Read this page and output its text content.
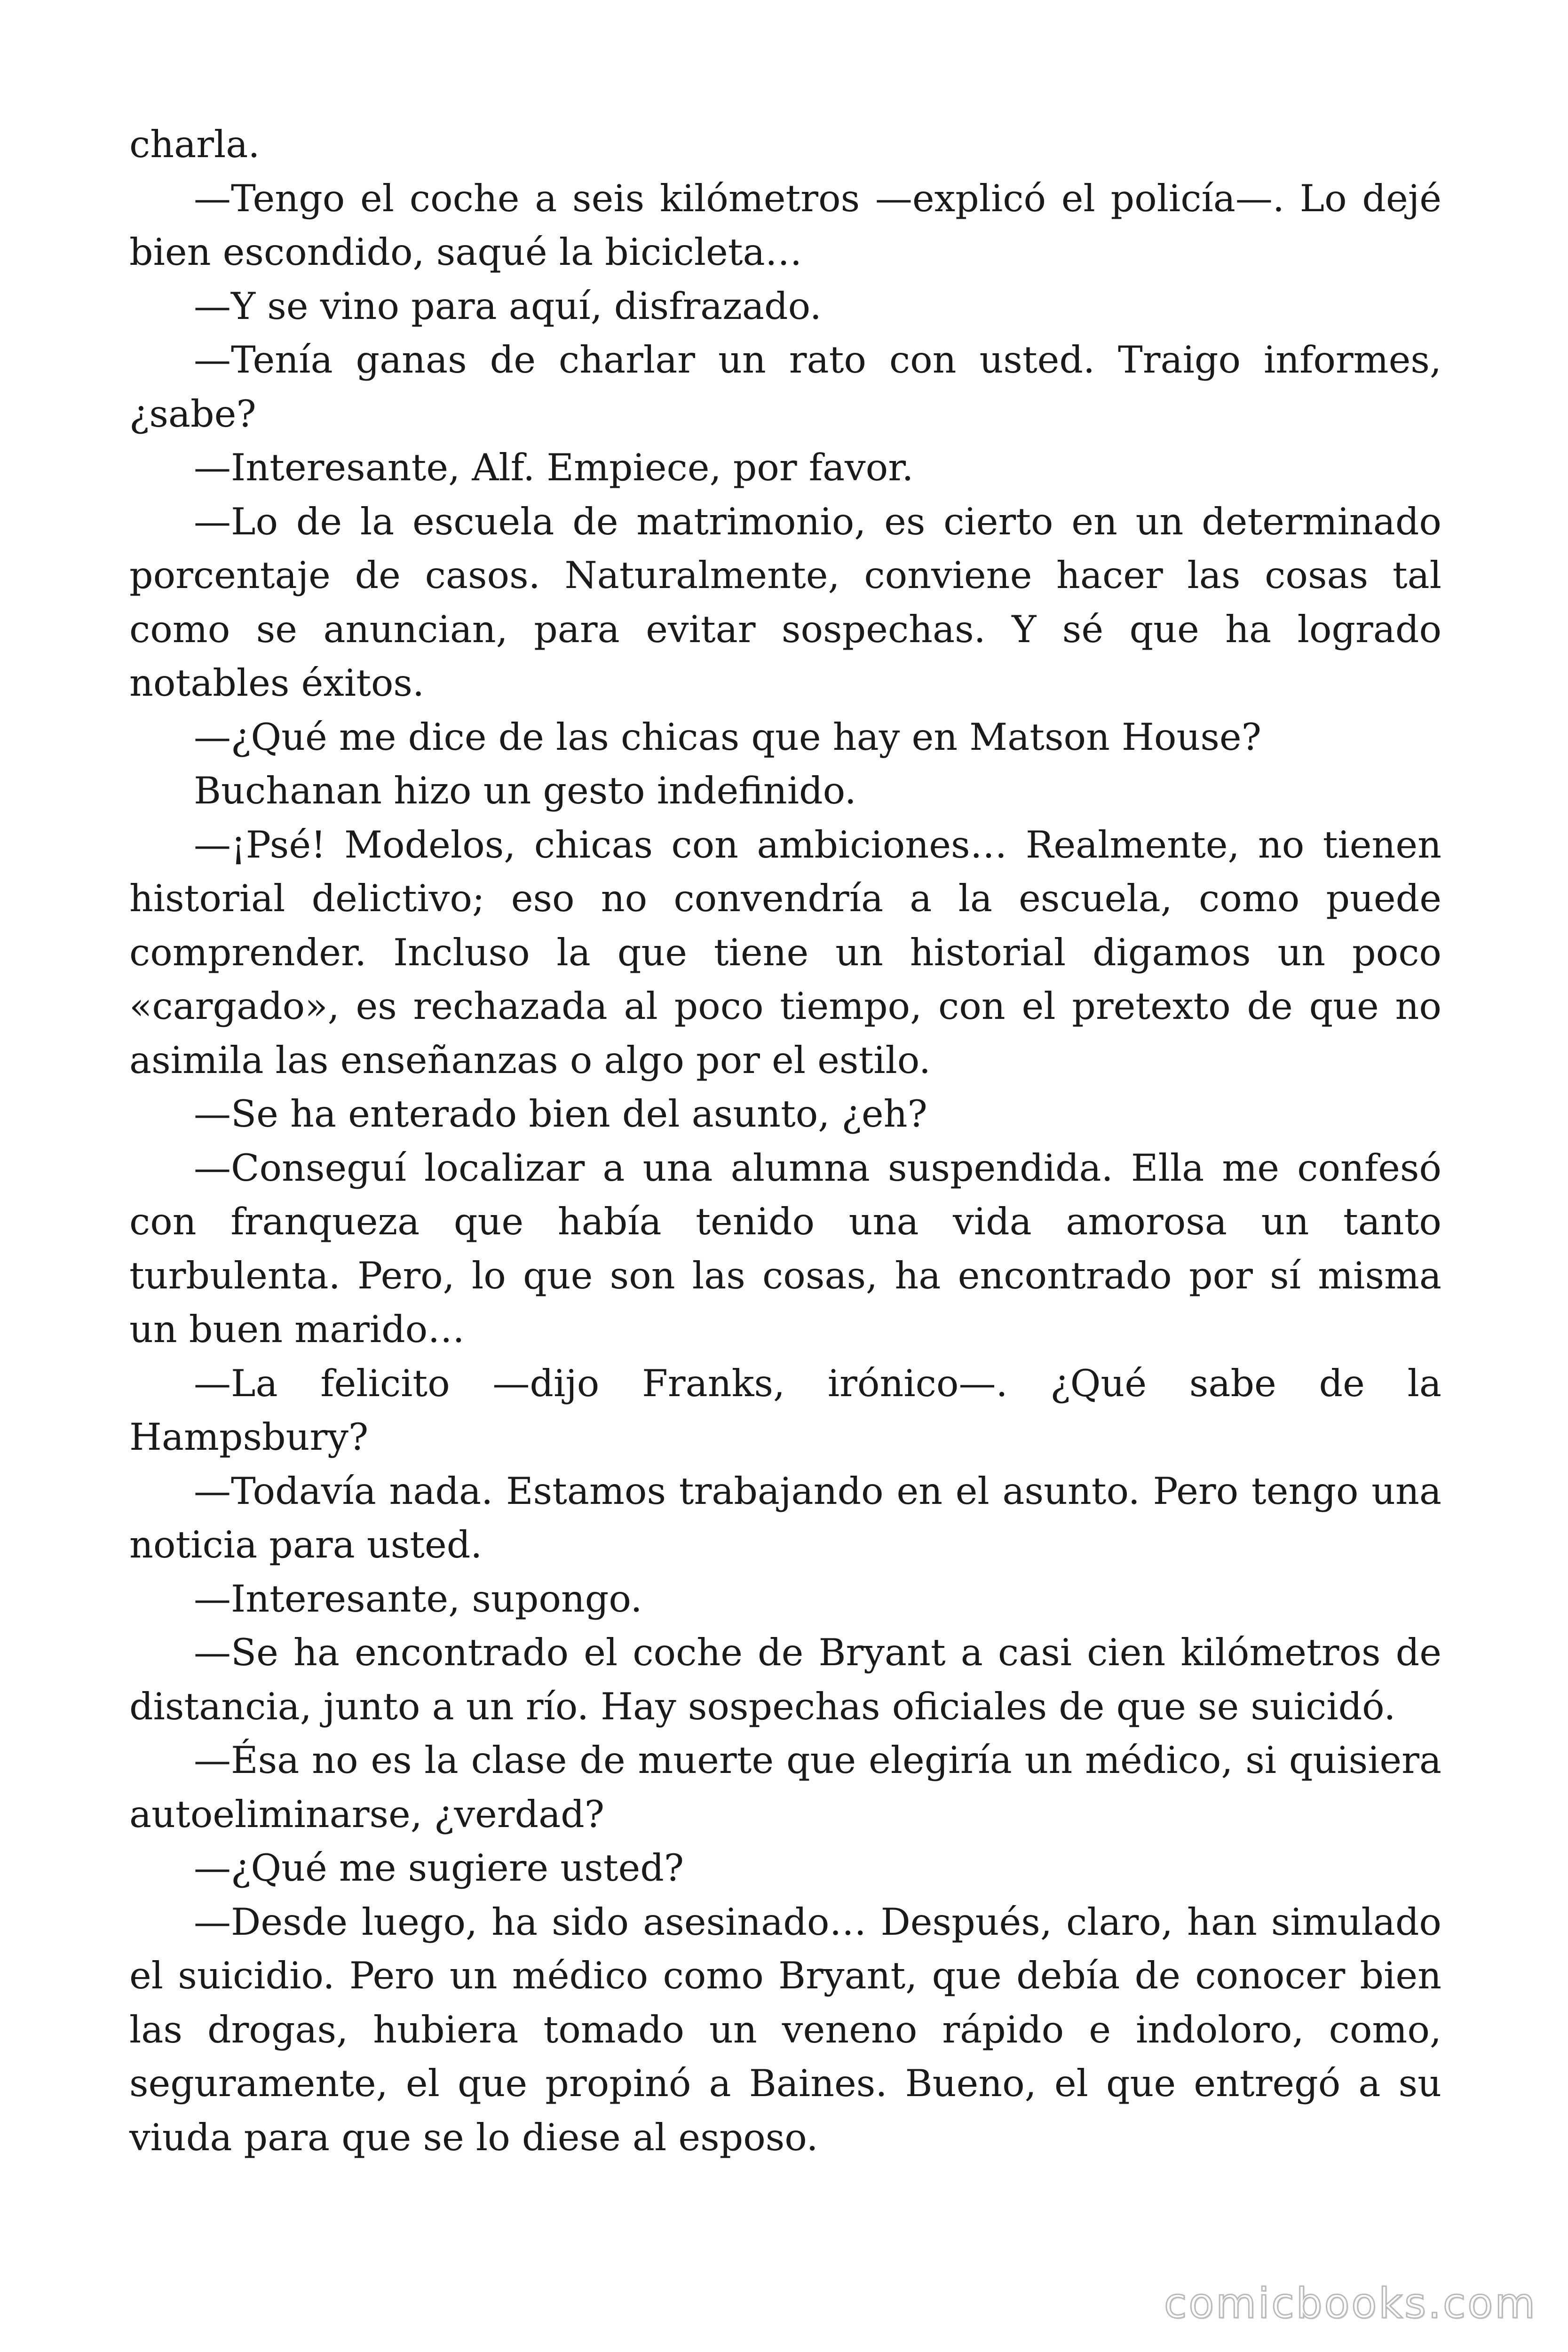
charla.

—Tengo el coche a seis kilómetros —explicó el policía—. Lo dejé bien escondido, saqué la bicicleta…

—Y se vino para aquí, disfrazado.

—Tenía ganas de charlar un rato con usted. Traigo informes, ¿sabe?

—Interesante, Alf. Empiece, por favor.

—Lo de la escuela de matrimonio, es cierto en un determinado porcentaje de casos. Naturalmente, conviene hacer las cosas tal como se anuncian, para evitar sospechas. Y sé que ha logrado notables éxitos.

—¿Qué me dice de las chicas que hay en Matson House?

Buchanan hizo un gesto indefinido.

—¡Psé! Modelos, chicas con ambiciones… Realmente, no tienen historial delictivo; eso no convendría a la escuela, como puede comprender. Incluso la que tiene un historial digamos un poco «cargado», es rechazada al poco tiempo, con el pretexto de que no asimila las enseñanzas o algo por el estilo.

—Se ha enterado bien del asunto, ¿eh?

—Conseguí localizar a una alumna suspendida. Ella me confesó con franqueza que había tenido una vida amorosa un tanto turbulenta. Pero, lo que son las cosas, ha encontrado por sí misma un buen marido…

—La felicito —dijo Franks, irónico—. ¿Qué sabe de la Hampsbury?

—Todavía nada. Estamos trabajando en el asunto. Pero tengo una noticia para usted.

—Interesante, supongo.

—Se ha encontrado el coche de Bryant a casi cien kilómetros de distancia, junto a un río. Hay sospechas oficiales de que se suicidó.

—Ésa no es la clase de muerte que elegiría un médico, si quisiera autoeliminarse, ¿verdad?

—¿Qué me sugiere usted?

—Desde luego, ha sido asesinado… Después, claro, han simulado el suicidio. Pero un médico como Bryant, que debía de conocer bien las drogas, hubiera tomado un veneno rápido e indoloro, como, seguramente, el que propinó a Baines. Bueno, el que entregó a su viuda para que se lo diese al esposo.

comicbooks.com
